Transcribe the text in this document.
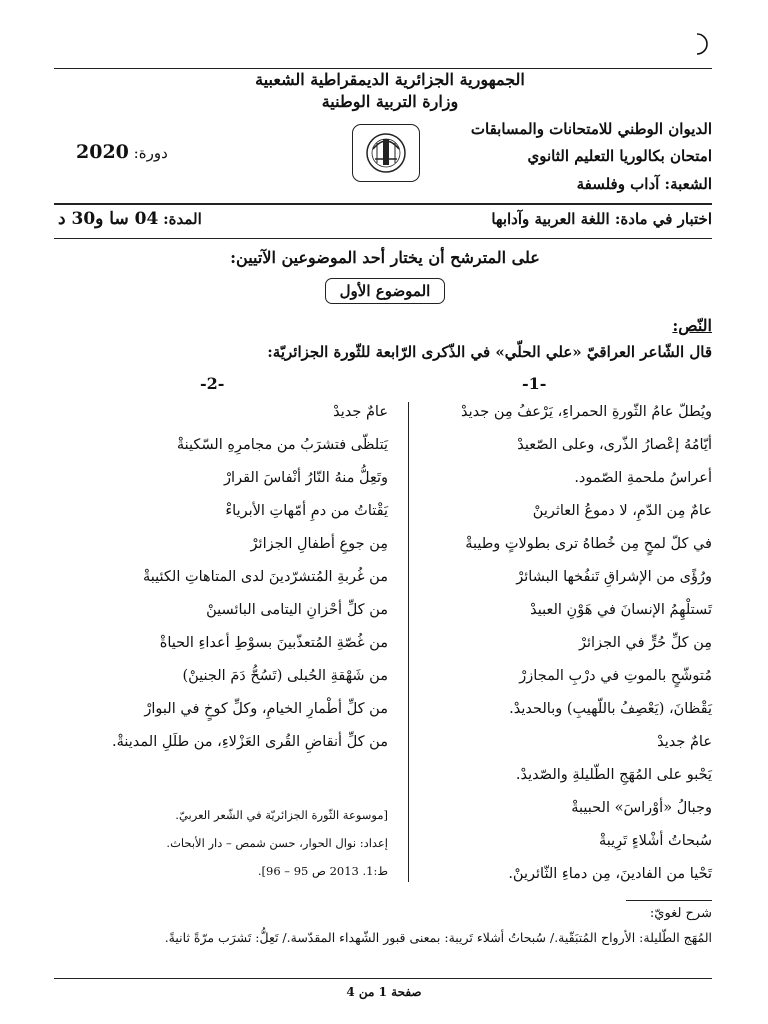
الجمهورية الجزائرية الديمقراطية الشعبية
وزارة التربية الوطنية
الديوان الوطني للامتحانات والمسابقات
امتحان بكالوريا التعليم الثانوي
الشعبة: آداب وفلسفة
دورة: 2020
اختبار في مادة: اللغة العربية وآدابها
المدة: 04 سا و30 د
على المترشح أن يختار أحد الموضوعين الآتيين:
الموضوع الأول
النّص:
قال الشّاعر العراقيّ «علي الحلّي» في الذّكرى الرّابعة للثّورة الجزائريّة:
-1-
-2-
ويُطلّ عامُ الثّورةِ الحمراءِ، يَرْعفُ مِن جديدْ
أيّامُهُ إعْصارُ الذّرى، وعلى الصّعيدْ
أعراسُ ملحمةِ الصّمود.
عامٌ مِن الدّمِ، لا دموعُ العاثرينْ
في كلّ لمحٍ مِن خُطاهُ ترى بطولاتٍ وطيبةْ
ورُؤًى من الإشراقِ تَنفُخها البشائرْ
تَستلْهِمُ الإنسانَ في هَوْنِ العبيدْ
مِن كلِّ حُرٍّ في الجزائرْ
مُتوشّحٍ بالموتِ في درْبِ المجازرْ
يَقْظانَ، (يَعْصِفُ باللّهيبِ) وبالحديدْ.
عامٌ جديدْ
يَحْبو على المُهَجِ الطّليلةِ والصّديدْ.
وجبالُ «أوْراسَ» الحبيبةْ
سُبحاتُ أشْلاءٍ تَرِيبةْ
تَحْيا من الفادينَ، مِن دماءِ الثّائرينْ.
عامٌ جديدْ
يَتلظّى فتشرَبُ من مجامرِهِ السّكينةْ
وتَعِلُّ منهُ النّارُ أنْفاسَ القرارْ
يَقْتاتُ من دمِ أمّهاتِ الأبرياءْ
مِن جوعِ أطفالِ الجزائرْ
من غُربةِ المُتشرّدينَ لدى المتاهاتِ الكئيبةْ
من كلِّ أحْزانِ اليتامى البائسينْ
من غُصّةِ المُتعذّبينَ بسوْطِ أعداءِ الحياةْ
من شَهْقةِ الحُبلى (تَسُحُّ دَمَ الجنينْ)
من كلِّ أطْمارِ الخيامِ، وكلِّ كوخٍ في البوارْ
من كلِّ أنقاضِ القُرى العَزْلاءِ، من طلَلِ المدينةْ.
[موسوعة الثّورة الجزائريّة في الشّعر العربيّ.
إعداد: نوال الحوار، حسن شمص – دار الأبحاث.
ط:1. 2013 ص 95 – 96].
شرح لغويّ:
المُهَج الطّليلة: الأرواح المُتبَقّية./ سُبحاتُ أشلاء تَريبة: بمعنى قبور الشّهداء المقدّسة./ تَعِلُّ: تَشرَب مرّةً ثانيةً.
صفحة 1 من 4
